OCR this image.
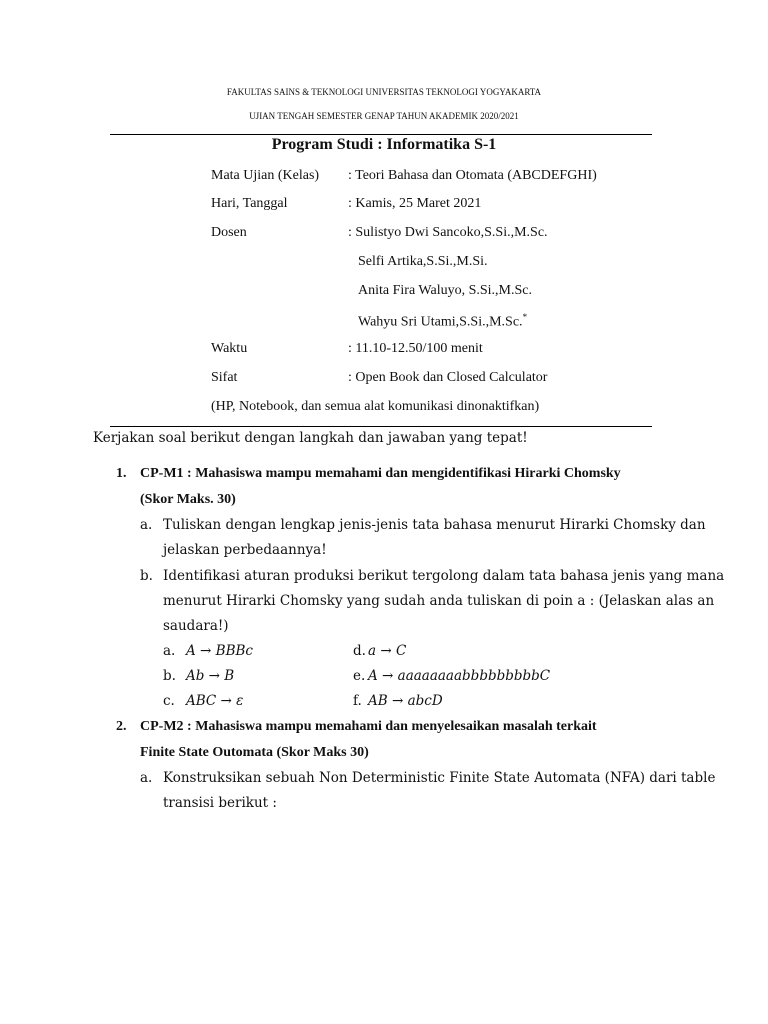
FAKULTAS SAINS & TEKNOLOGI UNIVERSITAS TEKNOLOGI YOGYAKARTA
UJIAN TENGAH SEMESTER GENAP TAHUN AKADEMIK 2020/2021
Program Studi : Informatika S-1
Mata Ujian (Kelas) : Teori Bahasa dan Otomata (ABCDEFGHI)
Hari, Tanggal	: Kamis, 25 Maret 2021
Dosen	: Sulistyo Dwi Sancoko,S.Si.,M.Sc.
Selfi Artika,S.Si.,M.Si.
Anita Fira Waluyo, S.Si.,M.Sc.
Wahyu Sri Utami,S.Si.,M.Sc.*
Waktu	: 11.10-12.50/100 menit
Sifat	: Open Book dan Closed Calculator
(HP, Notebook, dan semua alat komunikasi dinonaktifkan)
Kerjakan soal berikut dengan langkah dan jawaban yang tepat!
1. CP-M1 : Mahasiswa mampu memahami dan mengidentifikasi Hirarki Chomsky
(Skor Maks. 30)
a. Tuliskan dengan lengkap jenis-jenis tata bahasa menurut Hirarki Chomsky dan
jelaskan perbedaannya!
b. Identifikasi aturan produksi berikut tergolong dalam tata bahasa jenis yang mana
menurut Hirarki Chomsky yang sudah anda tuliskan di poin a : (Jelaskan alas an
saudara!)
a. A → BBBc
b. Ab → B
c. ABC → ε
d. a → C
e. A → aaaaaaaabbbbbbbbbC
f. AB → abcD
2. CP-M2 : Mahasiswa mampu memahami dan menyelesaikan masalah terkait
Finite State Outomata (Skor Maks 30)
a. Konstruksikan sebuah Non Deterministic Finite State Automata (NFA) dari table
transisi berikut :
